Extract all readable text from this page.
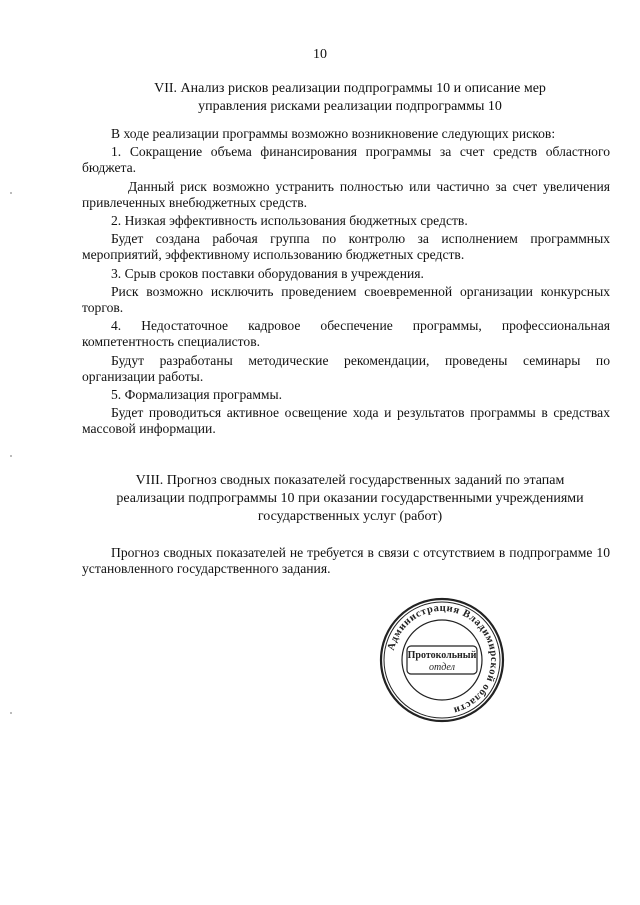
10
VII. Анализ рисков реализации подпрограммы 10 и описание мер
управления рисками реализации подпрограммы 10

В ходе реализации программы возможно возникновение следующих рисков:

1. Сокращение объема финансирования программы за счет средств областного бюджета.

Данный риск возможно устранить полностью или частично за счет увеличения привлеченных внебюджетных средств.

2. Низкая эффективность использования бюджетных средств.

Будет создана рабочая группа по контролю за исполнением программных мероприятий, эффективному использованию бюджетных средств.

3. Срыв сроков поставки оборудования в учреждения.

Риск возможно исключить проведением своевременной организации конкурсных торгов.

4. Недостаточное кадровое обеспечение программы, профессиональная компетентность специалистов.

Будут разработаны методические рекомендации, проведены семинары по организации работы.

5. Формализация программы.

Будет проводиться активное освещение хода и результатов программы в средствах массовой информации.

VIII. Прогноз сводных показателей государственных заданий по этапам
реализации подпрограммы 10 при оказании государственными учреждениями
государственных услуг (работ)

Прогноз сводных показателей не требуется в связи с отсутствием в подпрограмме 10 установленного государственного задания.

Администрация Владимирской области
Протокольный
отдел
